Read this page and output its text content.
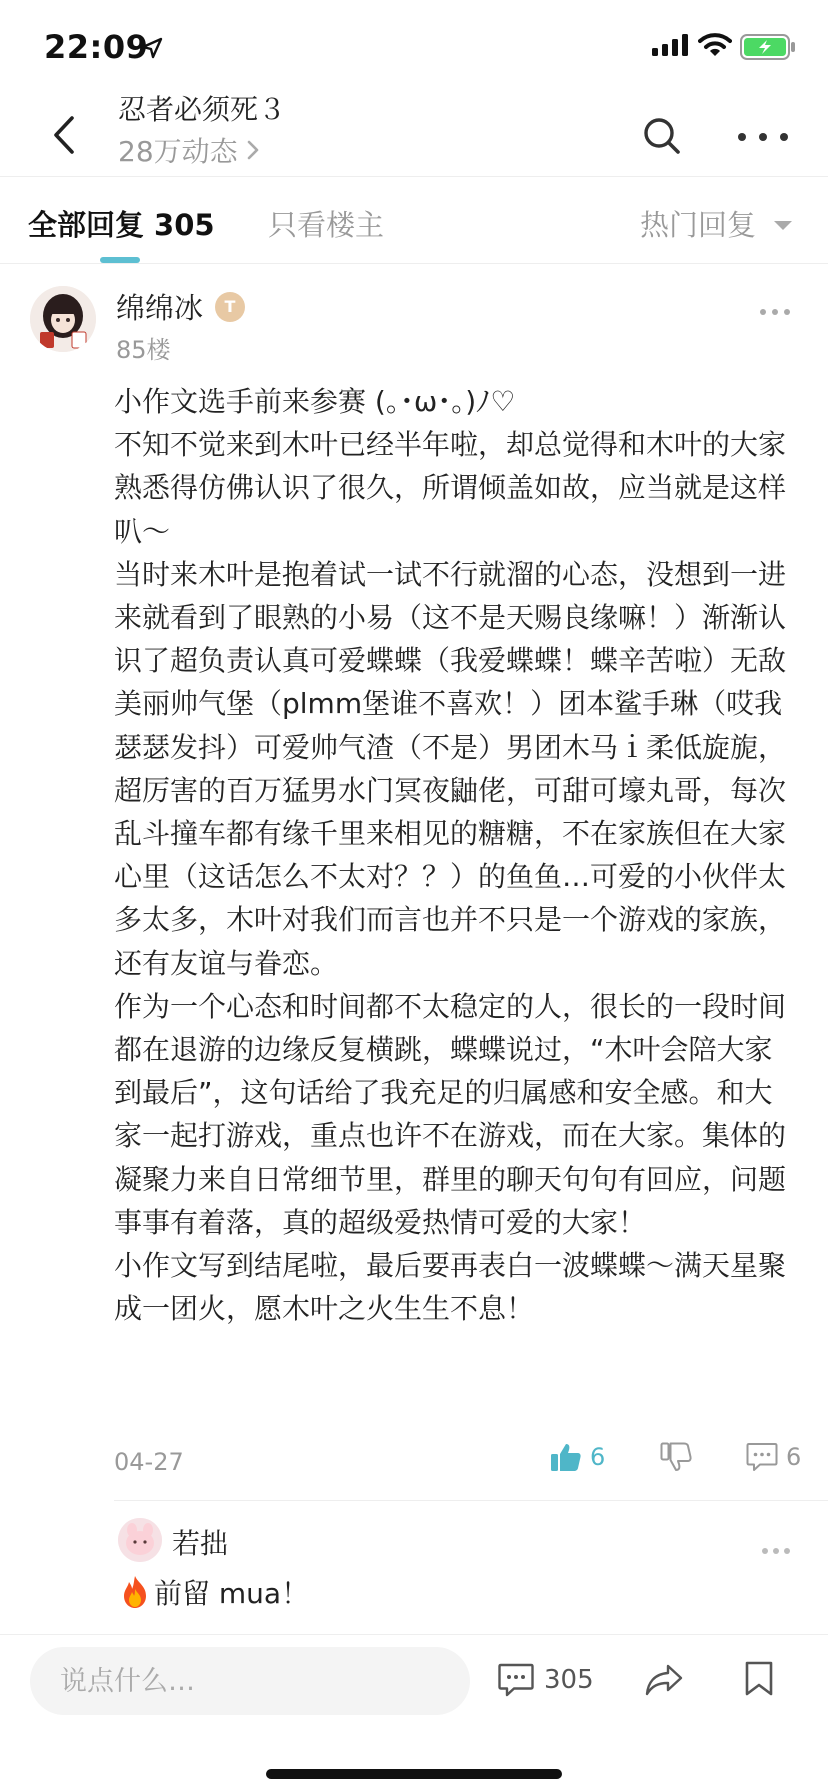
22:09
忍者必须死３
28万动态
全部回复 305 只看楼主	热门回复
绵绵冰	T
85楼

小作文选手前来参赛 (｡･ω･｡)ﾉ♡

不知不觉来到木叶已经半年啦，却总觉得和木叶的大家熟悉得仿佛认识了很久，所谓倾盖如故，应当就是这样叭～

当时来木叶是抱着试一试不行就溜的心态，没想到一进来就看到了眼熟的小易（这不是天赐良缘嘛！）渐渐认识了超负责认真可爱蝶蝶（我爱蝶蝶！蝶辛苦啦）无敌美丽帅气堡（plmm堡谁不喜欢！）团本鲨手琳（哎我瑟瑟发抖）可爱帅气渣（不是）男团木马ｉ柔低旋旎，超厉害的百万猛男水门冥夜鼬佬，可甜可壕丸哥，每次乱斗撞车都有缘千里来相见的糖糖，不在家族但在大家心里（这话怎么不太对？？）的鱼鱼…可爱的小伙伴太多太多，木叶对我们而言也并不只是一个游戏的家族，还有友谊与眷恋。

作为一个心态和时间都不太稳定的人，很长的一段时间都在退游的边缘反复横跳，蝶蝶说过，“木叶会陪大家到最后”，这句话给了我充足的归属感和安全感。和大家一起打游戏，重点也许不在游戏，而在大家。集体的凝聚力来自日常细节里，群里的聊天句句有回应，问题事事有着落，真的超级爱热情可爱的大家！

小作文写到结尾啦，最后要再表白一波蝶蝶～满天星聚成一团火，愿木叶之火生生不息！

04-27	6	6
若拙
前留 mua！
说点什么…
305
